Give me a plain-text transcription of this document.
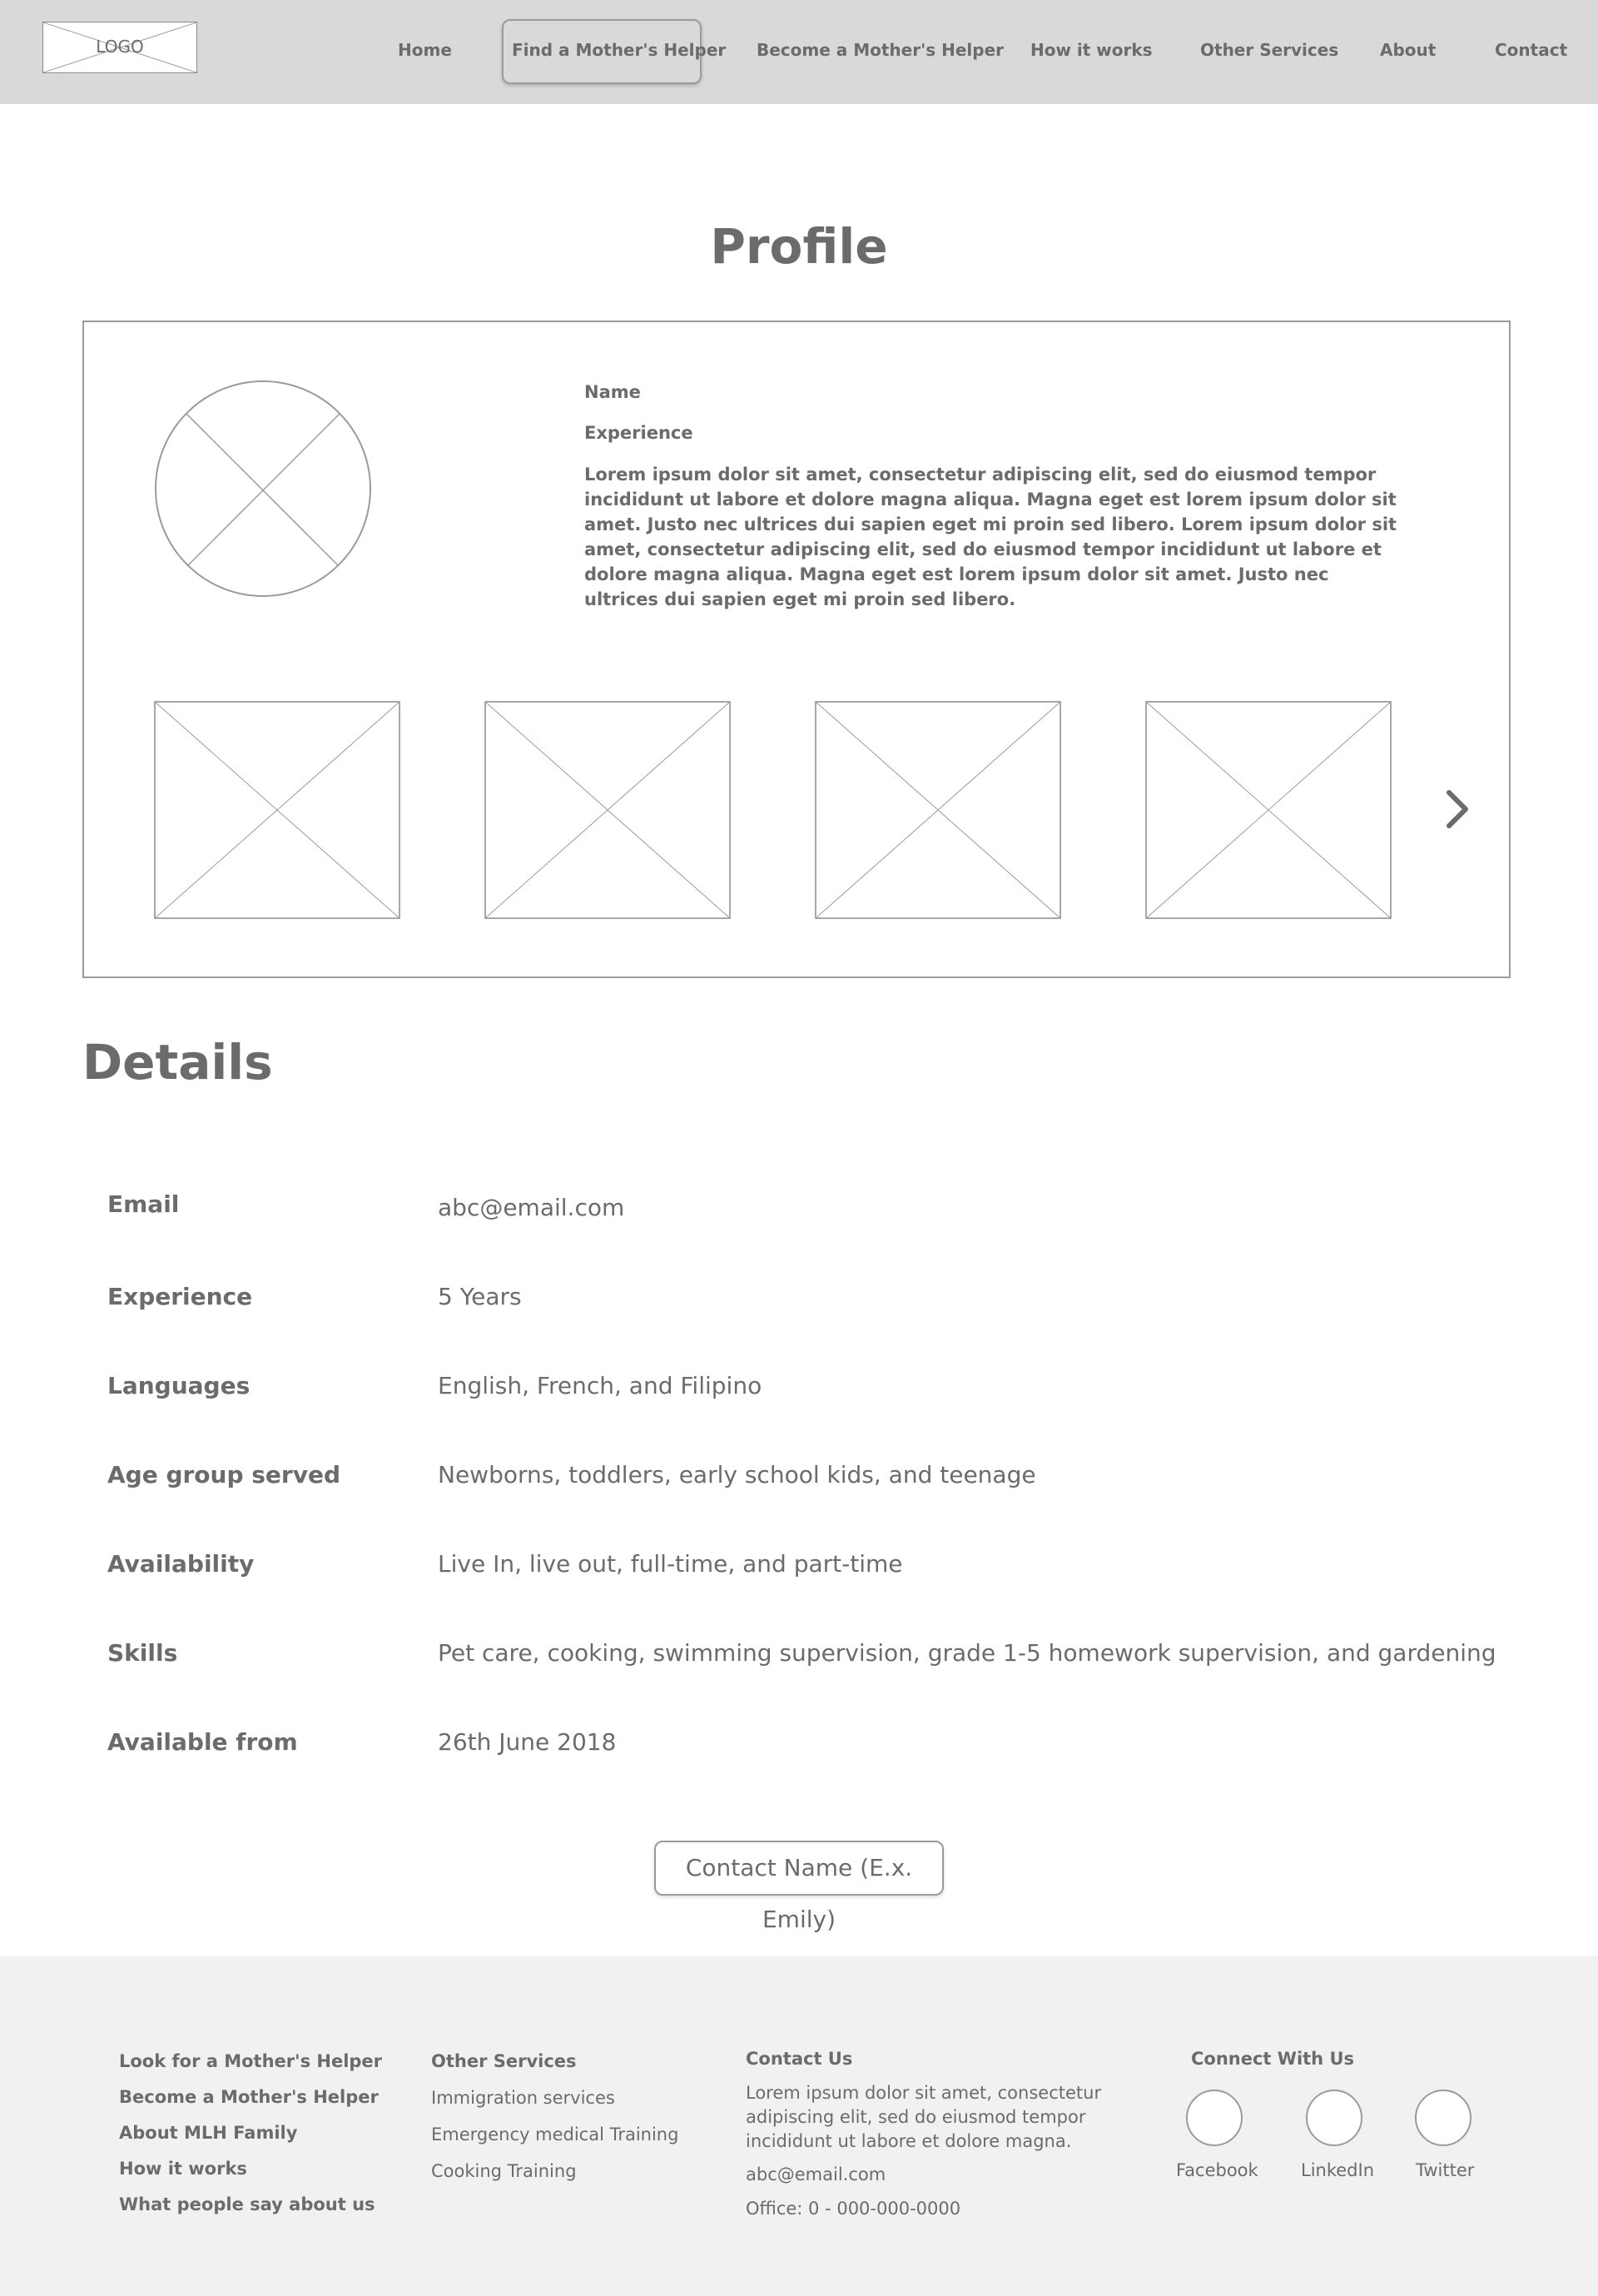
LOGO	Home	Find a Mother's Helper Become a Mother's Helper How it works	Other Services About	Contact
Profile
Name
Experience
Lorem ipsum dolor sit amet, consectetur adipiscing elit, sed do eiusmod tempor incididunt ut labore et dolore magna aliqua. Magna eget est lorem ipsum dolor sit amet. Justo nec ultrices dui sapien eget mi proin sed libero. Lorem ipsum dolor sit amet, consectetur adipiscing elit, sed do eiusmod tempor incididunt ut labore et dolore magna aliqua. Magna eget est lorem ipsum dolor sit amet. Justo nec ultrices dui sapien eget mi proin sed libero.
Details
Email	abc@email.com
Experience	5 Years
Languages	English, French, and Filipino
Age group served	Newborns, toddlers, early school kids, and teenage
Availability	Live In, live out, full-time, and part-time
Skills	Pet care, cooking, swimming supervision, grade 1-5 homework supervision, and gardening
Available from	26th June 2018
Contact Name (E.x. Emily)
Look for a Mother's Helper
Become a Mother's Helper
About MLH Family
How it works
What people say about us
Other Services
Immigration services
Emergency medical Training
Cooking Training
Contact Us
Lorem ipsum dolor sit amet, consectetur adipiscing elit, sed do eiusmod tempor incididunt ut labore et dolore magna.
abc@email.com
Office: 0 - 000-000-0000
Connect With Us
Facebook LinkedIn Twitter
